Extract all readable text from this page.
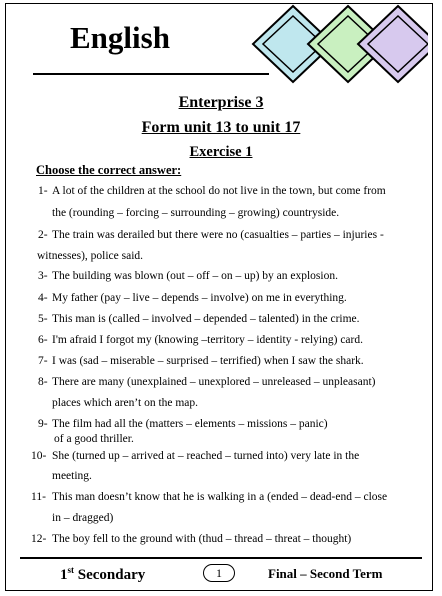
English
Enterprise 3
Form unit 13 to unit 17
Exercise 1
Choose the correct answer:
1- A lot of the children at the school do not live in the town, but come from
the (rounding – forcing – surrounding – growing) countryside.
2- The train was derailed but there were no (casualties – parties – injuries -
witnesses), police said.
3- The building was blown (out – off – on – up) by an explosion.
4- My father (pay – live – depends – involve) on me in everything.
5- This man is (called – involved – depended – talented) in the crime.
6- I'm afraid I forgot my (knowing –territory – identity - relying) card.
7- I was (sad – miserable – surprised – terrified) when I saw the shark.
8- There are many (unexplained – unexplored – unreleased – unpleasant)
places which aren’t on the map.
9- The film had all the (matters – elements – missions – panic)
of a good thriller.
10- She (turned up – arrived at – reached – turned into) very late in the
meeting.
11- This man doesn’t know that he is walking in a (ended – dead-end – close
in – dragged)
12- The boy fell to the ground with (thud – thread – threat – thought)
1st Secondary	1	Final – Second Term
